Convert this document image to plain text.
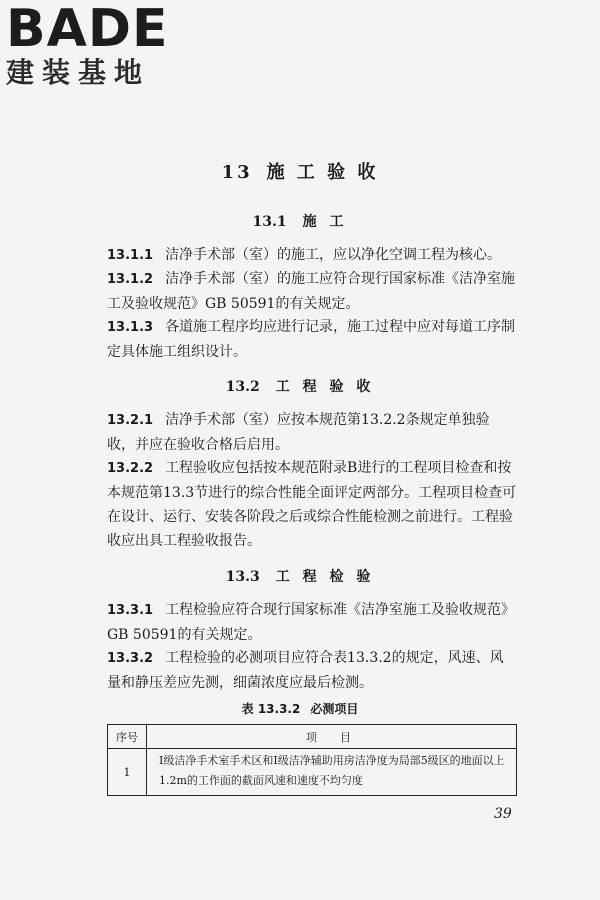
BADE
建装基地
13 施 工 验 收
13.1 施 工
13.1.1 洁净手术部（室）的施工，应以净化空调工程为核心。
13.1.2 洁净手术部（室）的施工应符合现行国家标准《洁净室施工及验收规范》GB 50591的有关规定。
13.1.3 各道施工程序均应进行记录，施工过程中应对每道工序制定具体施工组织设计。
13.2 工 程 验 收
13.2.1 洁净手术部（室）应按本规范第13.2.2条规定单独验收，并应在验收合格后启用。
13.2.2 工程验收应包括按本规范附录B进行的工程项目检查和按本规范第13.3节进行的综合性能全面评定两部分。工程项目检查可在设计、运行、安装各阶段之后或综合性能检测之前进行。工程验收应出具工程验收报告。
13.3 工 程 检 验
13.3.1 工程检验应符合现行国家标准《洁净室施工及验收规范》GB 50591的有关规定。
13.3.2 工程检验的必测项目应符合表13.3.2的规定，风速、风量和静压差应先测，细菌浓度应最后检测。
表 13.3.2 必测项目
序号	项　目
1	Ⅰ级洁净手术室手术区和Ⅰ级洁净辅助用房洁净度为局部5级区的地面以上1.2m的工作面的截面风速和速度不均匀度
39
